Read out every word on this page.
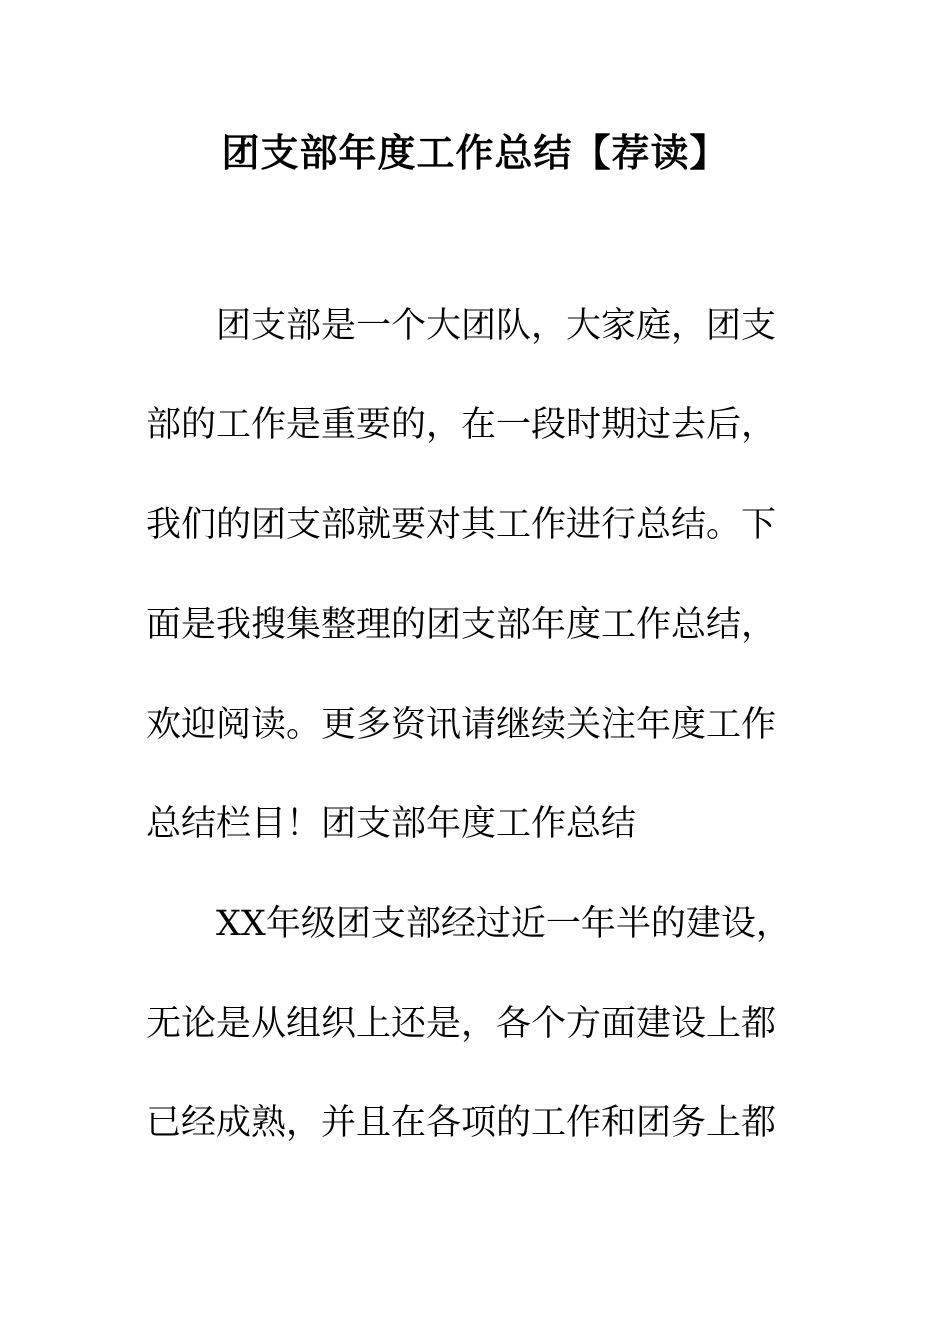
团支部年度工作总结【荐读】
团支部是一个大团队，大家庭，团支
部的工作是重要的，在一段时期过去后，
我们的团支部就要对其工作进行总结。下
面是我搜集整理的团支部年度工作总结，
欢迎阅读。更多资讯请继续关注年度工作
总结栏目！团支部年度工作总结
XX年级团支部经过近一年半的建设，
无论是从组织上还是，各个方面建设上都
已经成熟，并且在各项的工作和团务上都
